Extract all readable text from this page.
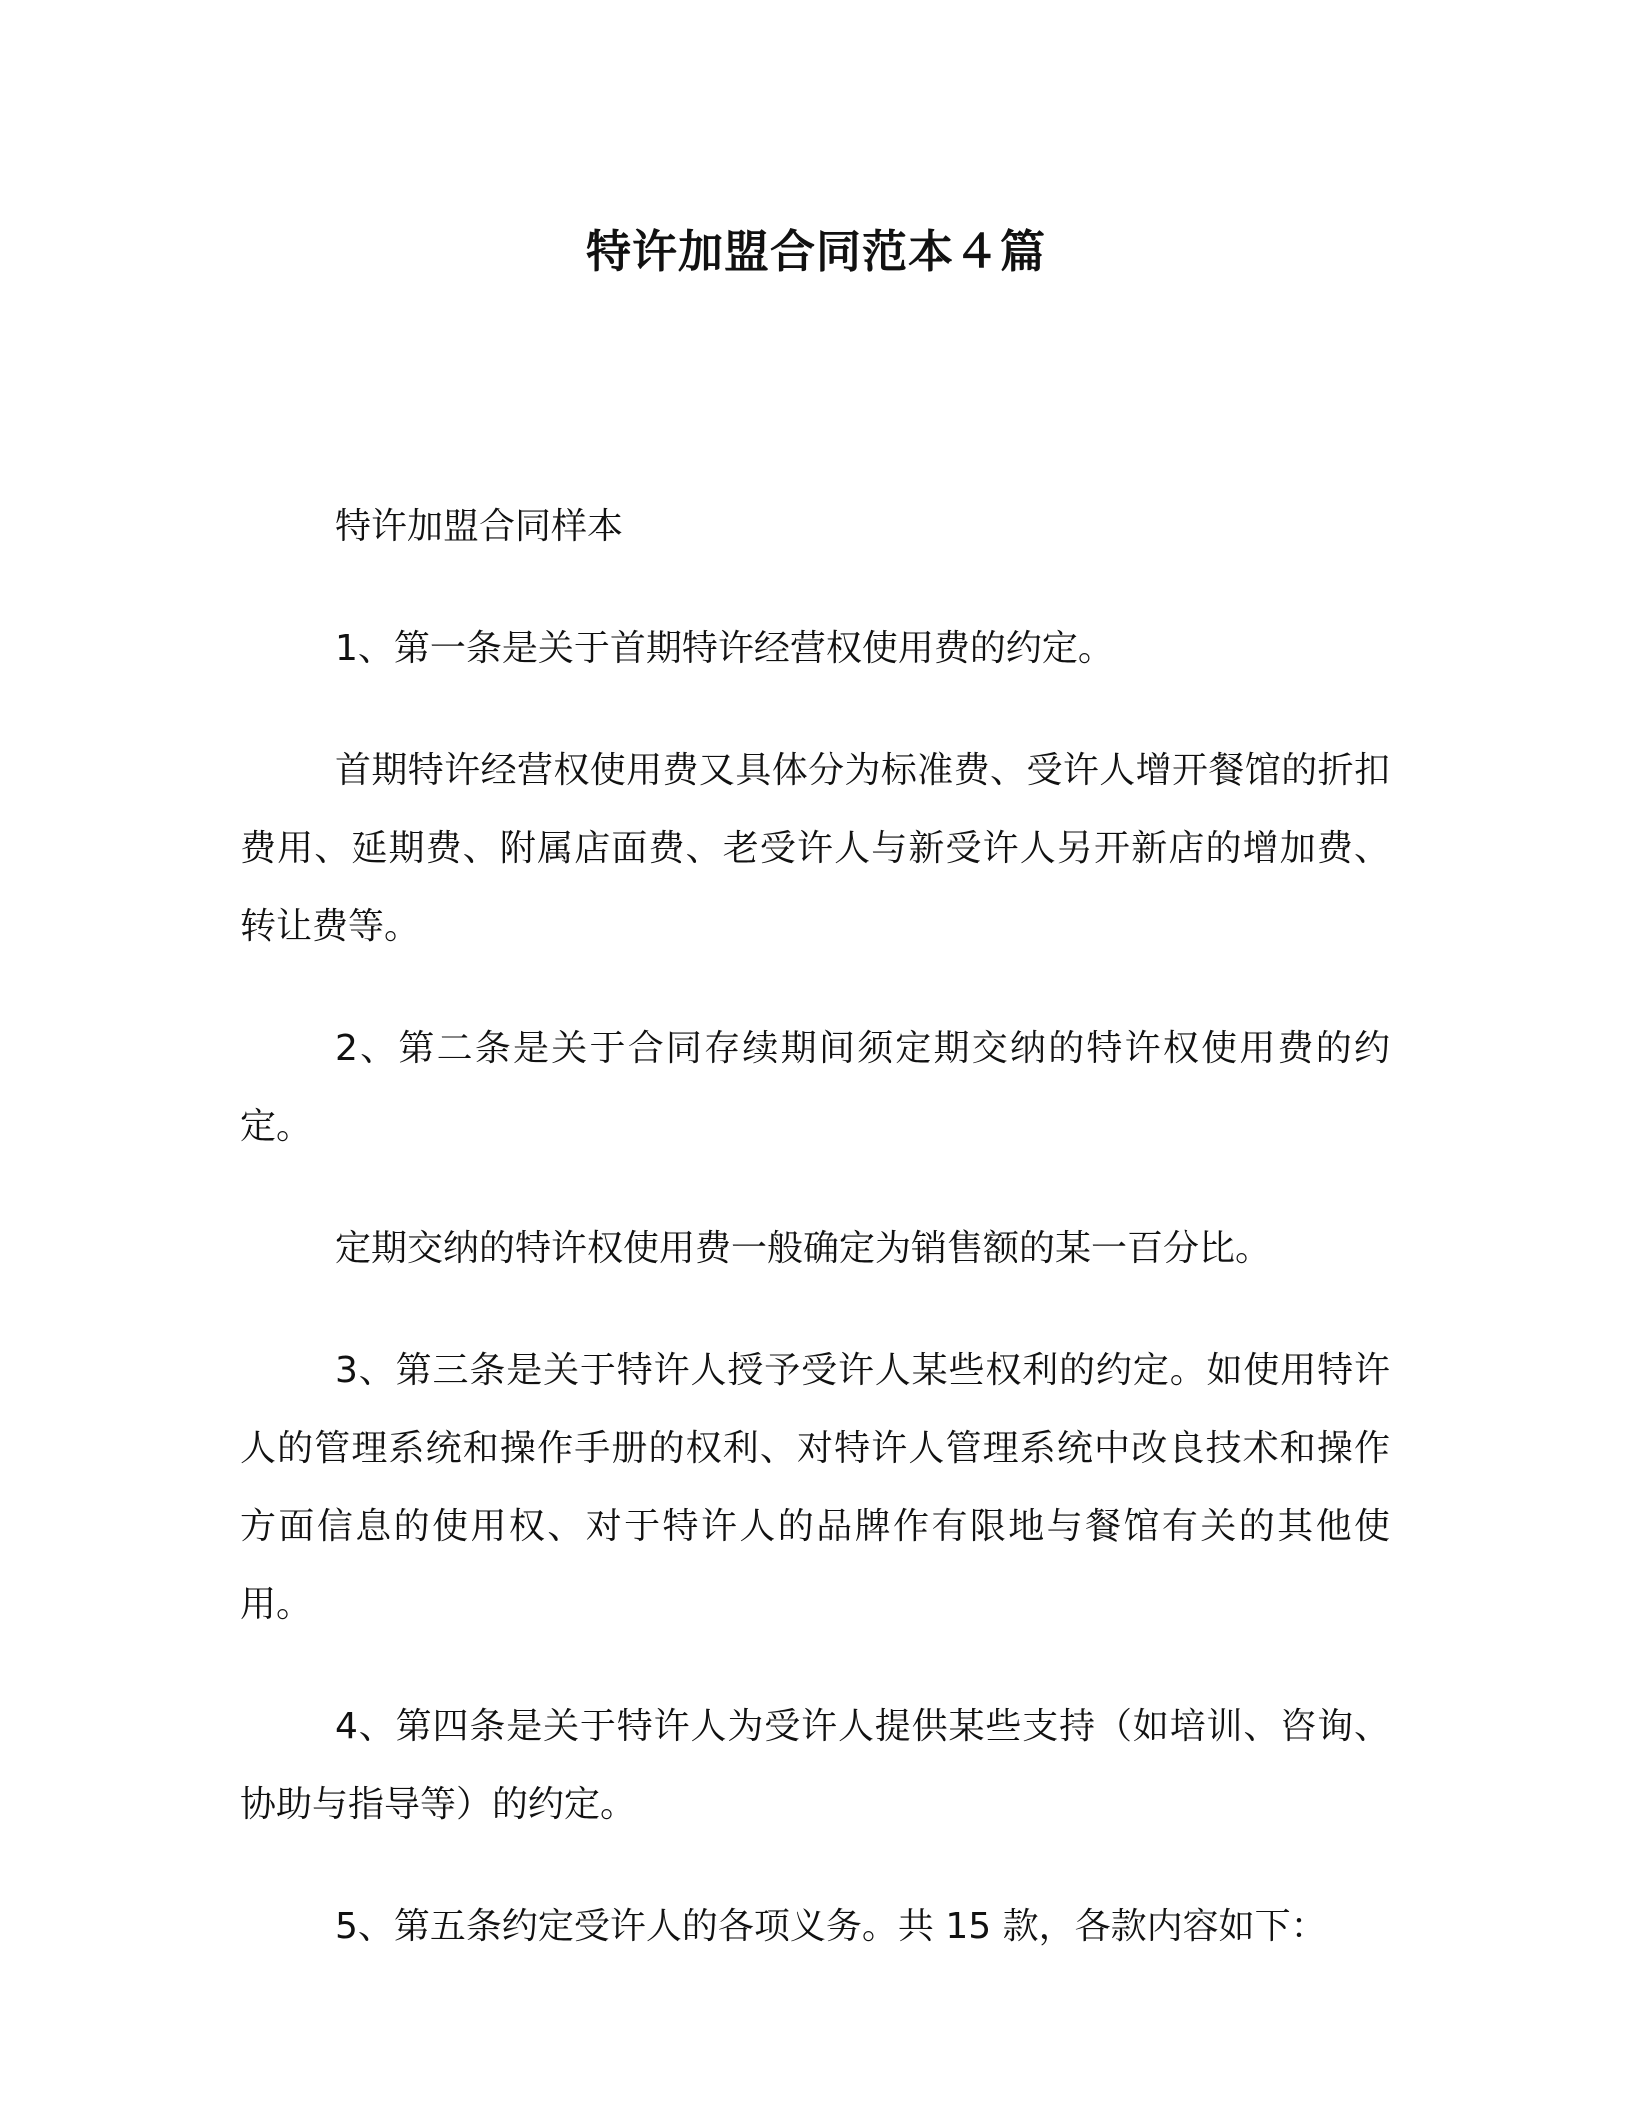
特许加盟合同范本４篇

特许加盟合同样本

1、第一条是关于首期特许经营权使用费的约定。

首期特许经营权使用费又具体分为标准费、受许人增开餐馆的折扣费用、延期费、附属店面费、老受许人与新受许人另开新店的增加费、转让费等。

2、第二条是关于合同存续期间须定期交纳的特许权使用费的约定。

定期交纳的特许权使用费一般确定为销售额的某一百分比。

3、第三条是关于特许人授予受许人某些权利的约定。如使用特许人的管理系统和操作手册的权利、对特许人管理系统中改良技术和操作方面信息的使用权、对于特许人的品牌作有限地与餐馆有关的其他使用。

4、第四条是关于特许人为受许人提供某些支持（如培训、咨询、协助与指导等）的约定。

5、第五条约定受许人的各项义务。共 15 款，各款内容如下：
